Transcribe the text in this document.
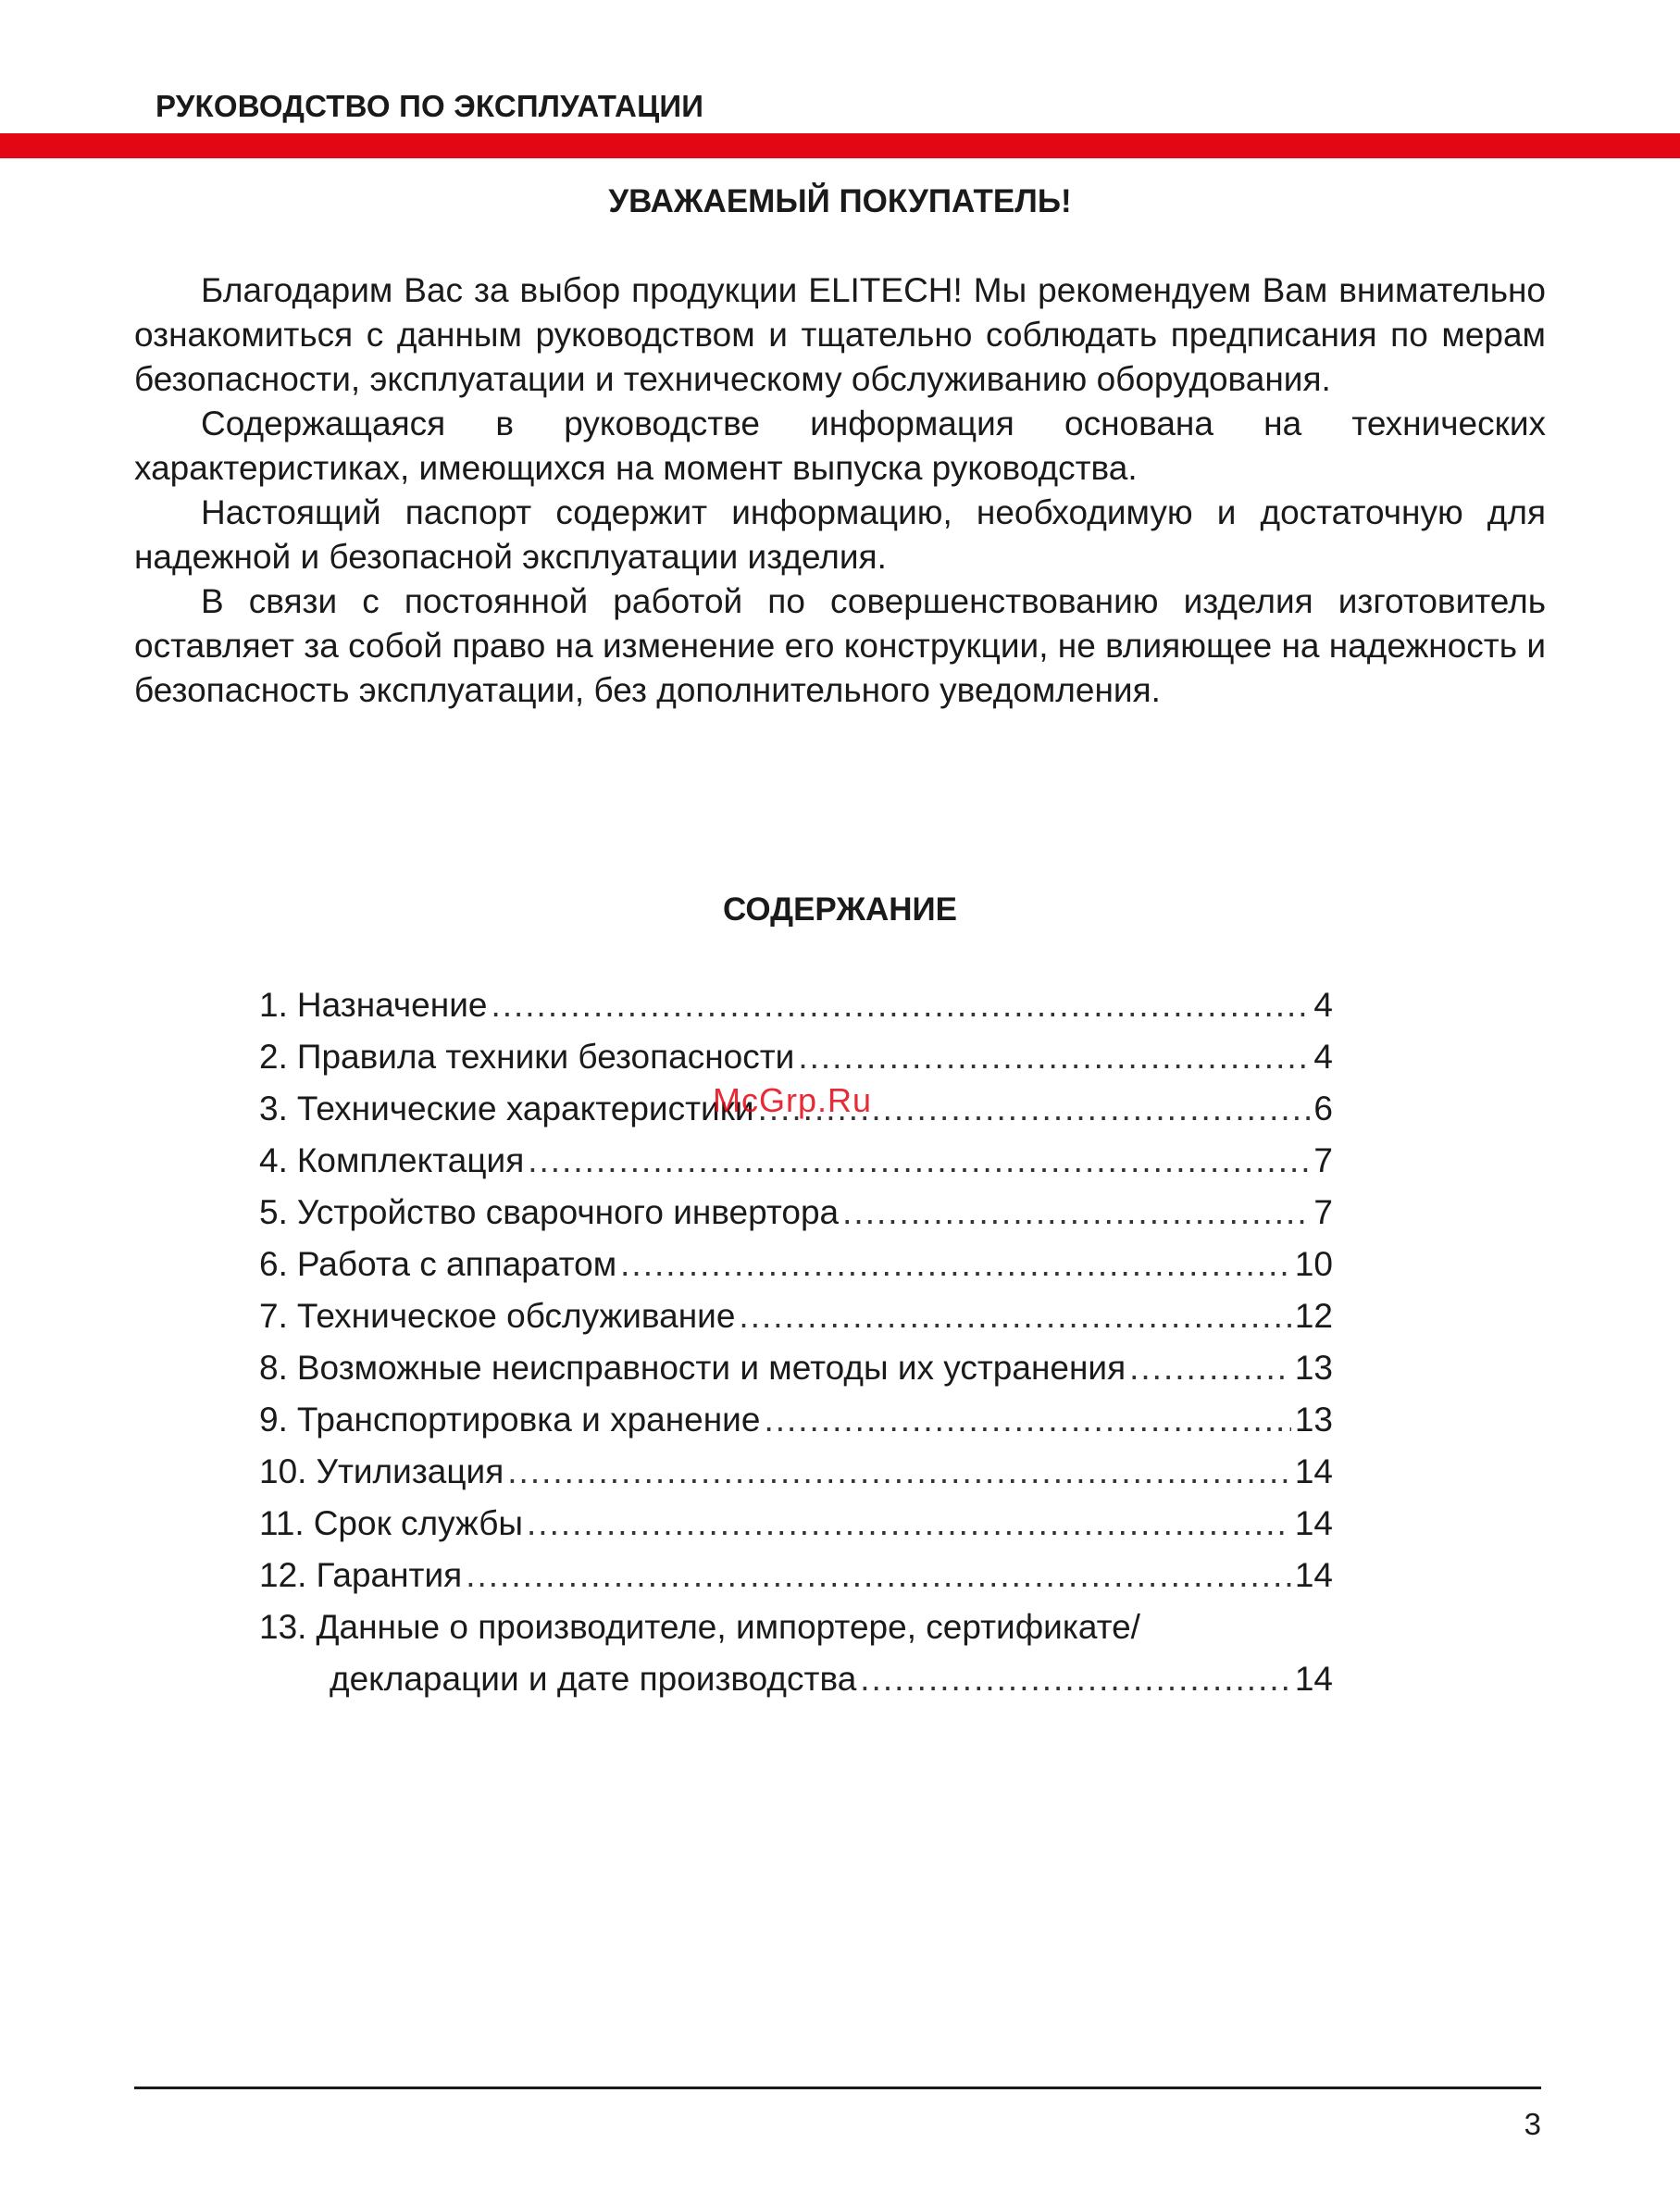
РУКОВОДСТВО ПО ЭКСПЛУАТАЦИИ
УВАЖАЕМЫЙ ПОКУПАТЕЛЬ!

Благодарим Вас за выбор продукции ELITECH! Мы рекомендуем Вам внимательно ознакомиться с данным руководством и тщательно соблюдать предписания по мерам безопасности, эксплуатации и техническому обслуживанию оборудования.

Содержащаяся в руководстве информация основана на технических характеристиках, имеющихся на момент выпуска руководства.

Настоящий паспорт содержит информацию, необходимую и достаточную для надежной и безопасной эксплуатации изделия.

В связи с постоянной работой по совершенствованию изделия изготовитель оставляет за собой право на изменение его конструкции, не влияющее на надежность и безопасность эксплуатации, без дополнительного уведомления.

СОДЕРЖАНИЕ
1. Назначение .....	4
2. Правила техники безопасности .....	4
3. Технические характеристики .....	6
4. Комплектация .....	7
5. Устройство сварочного инвертора .....	7
6. Работа с аппаратом .....	10
7. Техническое обслуживание .....	12
8. Возможные неисправности и методы их устранения .....	13
9. Транспортировка и хранение .....	13
10. Утилизация .....	14
11. Срок службы .....	14
12. Гарантия .....	14
13. Данные о производителе, импортере, сертификате/
декларации и дате производства .....	14
McGrp.Ru
3
